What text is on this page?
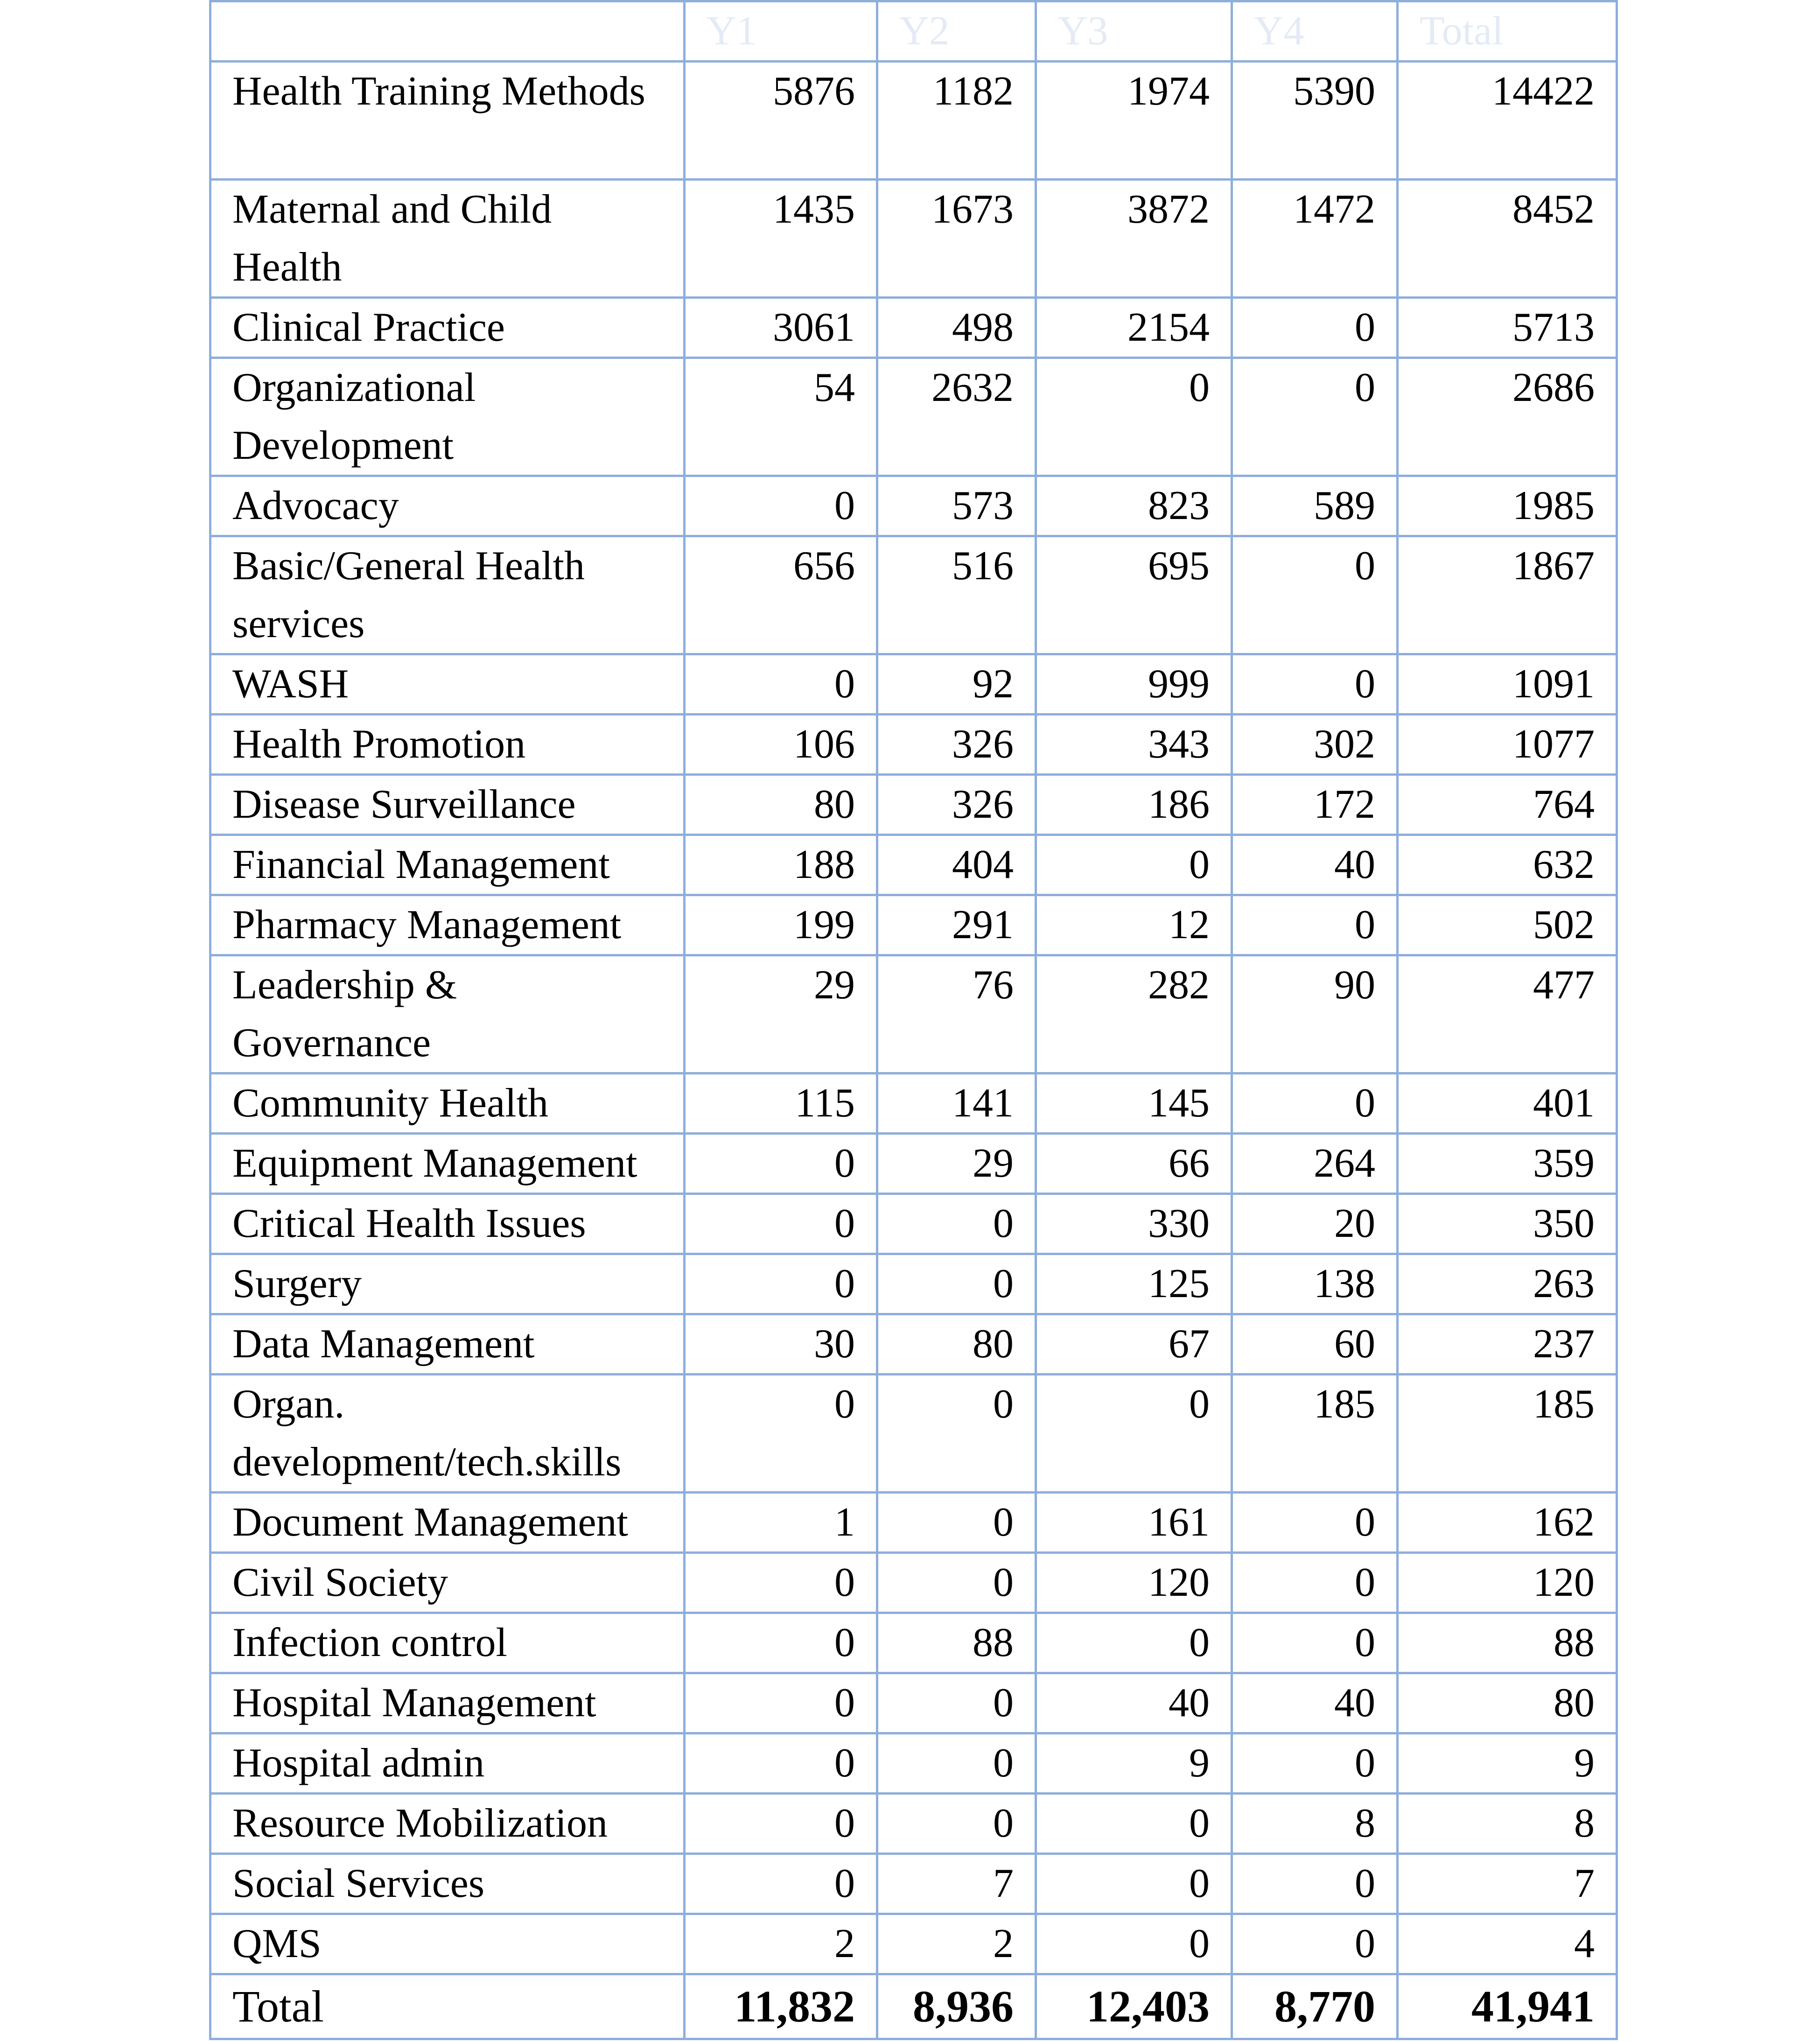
	Y1	Y2	Y3	Y4	Total
Health Training Methods	5876	1182	1974	5390	14422
Maternal and Child Health	1435	1673	3872	1472	8452
Clinical Practice	3061	498	2154	0	5713
Organizational Development	54	2632	0	0	2686
Advocacy	0	573	823	589	1985
Basic/General Health services	656	516	695	0	1867
WASH	0	92	999	0	1091
Health Promotion	106	326	343	302	1077
Disease Surveillance	80	326	186	172	764
Financial Management	188	404	0	40	632
Pharmacy Management	199	291	12	0	502
Leadership & Governance	29	76	282	90	477
Community Health	115	141	145	0	401
Equipment Management	0	29	66	264	359
Critical Health Issues	0	0	330	20	350
Surgery	0	0	125	138	263
Data Management	30	80	67	60	237
Organ. development/tech.skills	0	0	0	185	185
Document Management	1	0	161	0	162
Civil Society	0	0	120	0	120
Infection control	0	88	0	0	88
Hospital Management	0	0	40	40	80
Hospital admin	0	0	9	0	9
Resource Mobilization	0	0	0	8	8
Social Services	0	7	0	0	7
QMS	2	2	0	0	4
Total	11,832	8,936	12,403	8,770	41,941
